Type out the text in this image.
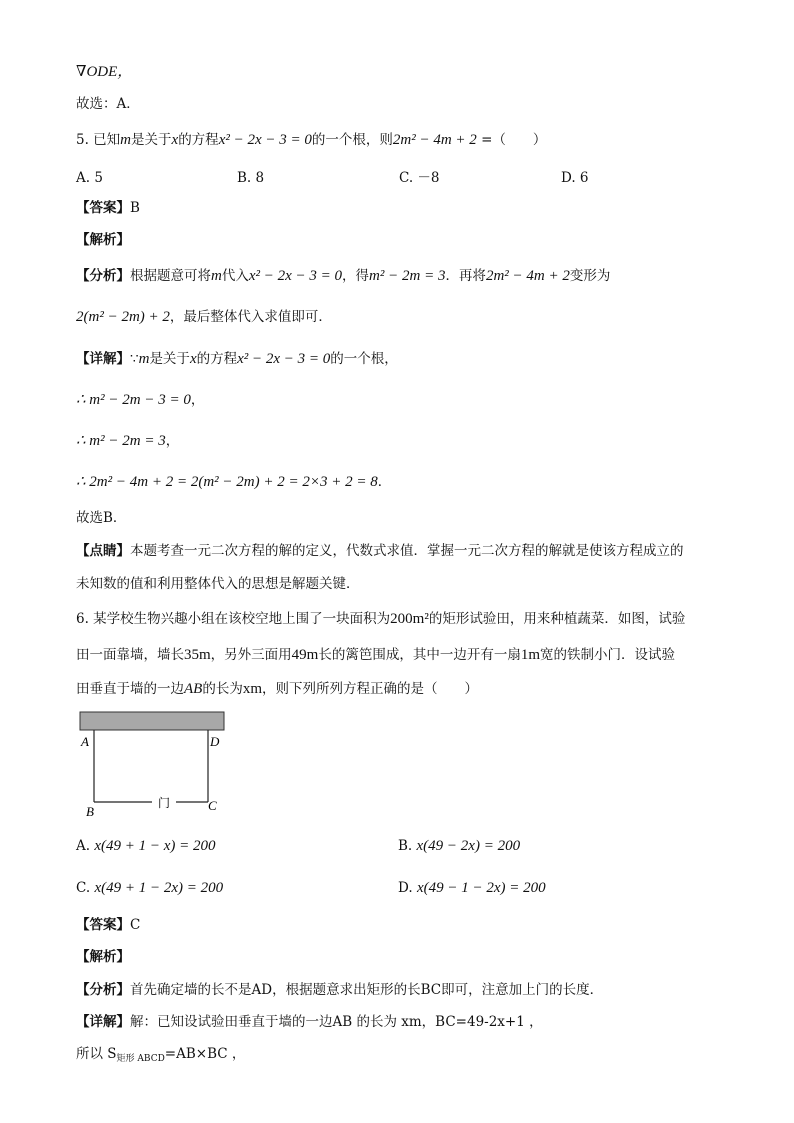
∇ODE，
故选：A．
5. 已知m是关于x的方程x² − 2x − 3 = 0的一个根，则2m² − 4m + 2 =（　　）
A. 5	B. 8	C. －8	D. 6
【答案】B
【解析】
【分析】根据题意可将m代入x² − 2x − 3 = 0，得m² − 2m = 3．再将2m² − 4m + 2变形为
2(m² − 2m) + 2，最后整体代入求值即可．
【详解】∵m是关于x的方程x² − 2x − 3 = 0的一个根，
∴ m² − 2m − 3 = 0，
∴ m² − 2m = 3，
∴ 2m² − 4m + 2 = 2(m² − 2m) + 2 = 2×3 + 2 = 8．
故选B．
【点睛】本题考查一元二次方程的解的定义，代数式求值．掌握一元二次方程的解就是使该方程成立的
未知数的值和利用整体代入的思想是解题关键．
6. 某学校生物兴趣小组在该校空地上围了一块面积为200m²的矩形试验田，用来种植蔬菜．如图，试验
田一面靠墙，墙长35m，另外三面用49m长的篱笆围成，其中一边开有一扇1m宽的铁制小门．设试验
田垂直于墙的一边AB的长为xm，则下列所列方程正确的是（　　）
A	D
B	C
门
A. x(49 + 1 − x) = 200	B. x(49 − 2x) = 200
C. x(49 + 1 − 2x) = 200	D. x(49 − 1 − 2x) = 200
【答案】C
【解析】
【分析】首先确定墙的长不是AD，根据题意求出矩形的长BC即可，注意加上门的长度．
【详解】解：已知设试验田垂直于墙的一边AB 的长为 xm，BC=49-2x+1 ，
所以 $S_{矩形 ABCD}=AB\times BC$ ，
